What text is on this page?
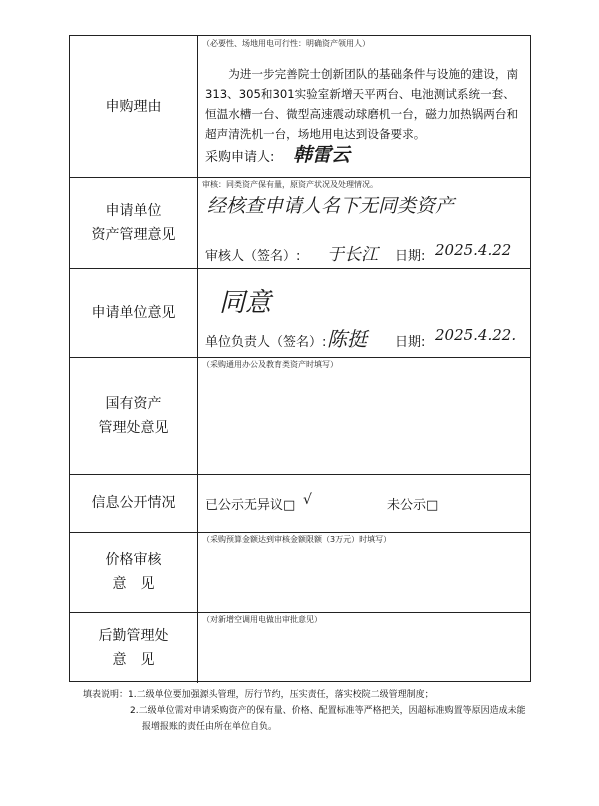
申购理由
（必要性、场地用电可行性：明确资产领用人）
为进一步完善院士创新团队的基础条件与设施的建设，南313、305和301实验室新增天平两台、电池测试系统一套、恒温水槽一台、微型高速震动球磨机一台，磁力加热锅两台和超声清洗机一台，场地用电达到设备要求。
采购申请人: 韩雷云
申请单位
资产管理意见
审核：同类资产保有量，原资产状况及处理情况。
经核查申请人名下无同类资产
审核人（签名）: 于长江 日期: 2025.4.22
申请单位意见 同意
单位负责人（签名）: 陈挺 日期: 2025.4.22.
国有资产
管理处意见
（采购通用办公及教育类资产时填写）
信息公开情况 已公示无异议□ √	未公示□
价格审核
意　见
（采购预算金额达到审核金额限额（3万元）时填写）
后勤管理处
意　见
（对新增空调用电做出审批意见）
填表说明：1.二级单位要加强源头管理，厉行节约，压实责任，落实校院二级管理制度；
2.二级单位需对申请采购资产的保有量、价格、配置标准等严格把关，因超标准购置等原因造成未能
报增报账的责任由所在单位自负。
